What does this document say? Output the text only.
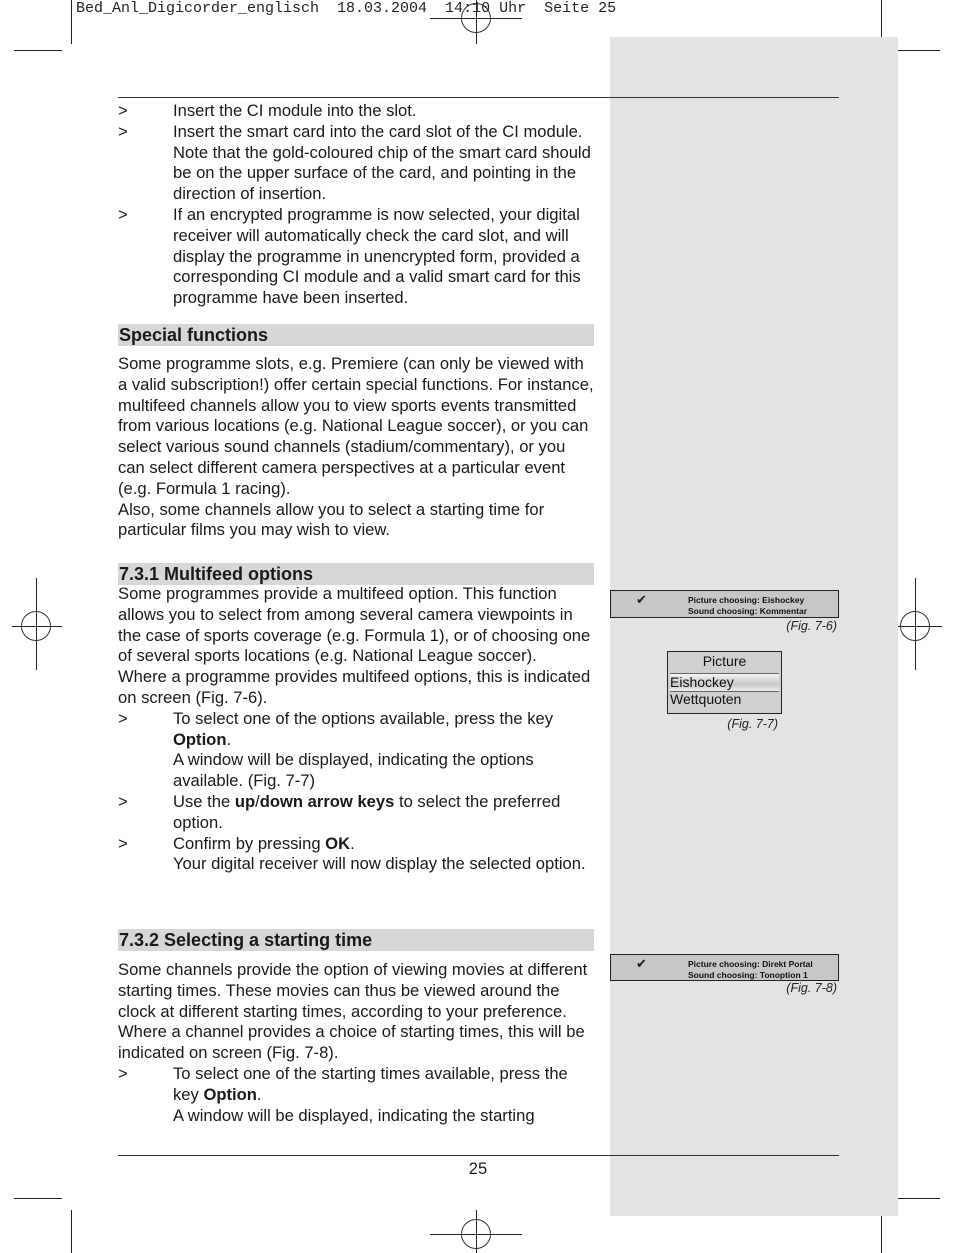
Bed_Anl_Digicorder_englisch  18.03.2004  14:10 Uhr  Seite 25
>	Insert the CI module into the slot.
>	Insert the smart card into the card slot of the CI module. Note that the gold-coloured chip of the smart card should be on the upper surface of the card, and pointing in the direction of insertion.
>	If an encrypted programme is now selected, your digital receiver will automatically check the card slot, and will display the programme in unencrypted form, provided a corresponding CI module and a valid smart card for this programme have been inserted.
Special functions

Some programme slots, e.g. Premiere (can only be viewed with a valid subscription!) offer certain special functions. For instance, multifeed channels allow you to view sports events transmitted from various locations (e.g. National League soccer), or you can select various sound channels (stadium/commentary), or you can select different camera perspectives at a particular event (e.g. Formula 1 racing).

Also, some channels allow you to select a starting time for particular films you may wish to view.

7.3.1 Multifeed options

Some programmes provide a multifeed option. This function allows you to select from among several camera viewpoints in the case of sports coverage (e.g. Formula 1), or of choosing one of several sports locations (e.g. National League soccer).

Where a programme provides multifeed options, this is indicated on screen (Fig. 7-6).

>	To select one of the options available, press the key Option.
A window will be displayed, indicating the options available. (Fig. 7-7)
>	Use the up/down arrow keys to select the preferred option.
>	Confirm by pressing OK.
Your digital receiver will now display the selected option.
7.3.2 Selecting a starting time

Some channels provide the option of viewing movies at different starting times. These movies can thus be viewed around the clock at different starting times, according to your preference.

Where a channel provides a choice of starting times, this will be indicated on screen (Fig. 7-8).

>	To select one of the starting times available, press the key Option.
A window will be displayed, indicating the starting
✔	Picture choosing: Eishockey
Sound choosing: Kommentar
(Fig. 7-6)
Picture
Eishockey
Wettquoten
(Fig. 7-7)
✔	Picture choosing: Direkt Portal
Sound choosing: Tonoption 1
(Fig. 7-8)
25
